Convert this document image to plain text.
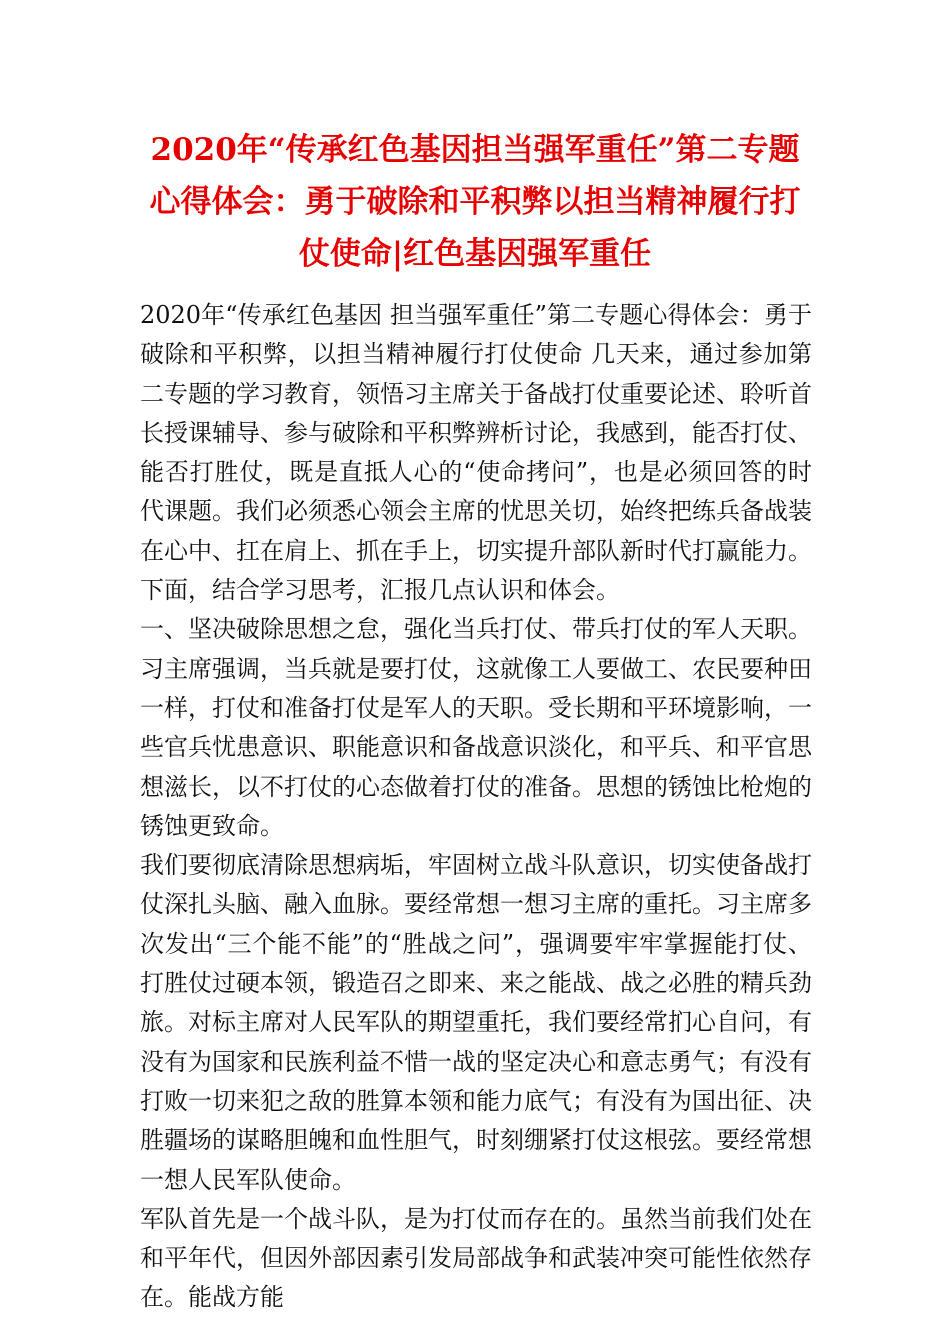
2020年“传承红色基因担当强军重任”第二专题心得体会：勇于破除和平积弊以担当精神履行打仗使命|红色基因强军重任

2020年“传承红色基因 担当强军重任”第二专题心得体会：勇于破除和平积弊，以担当精神履行打仗使命 几天来，通过参加第二专题的学习教育，领悟习主席关于备战打仗重要论述、聆听首长授课辅导、参与破除和平积弊辨析讨论，我感到，能否打仗、能否打胜仗，既是直抵人心的“使命拷问”，也是必须回答的时代课题。我们必须悉心领会主席的忧思关切，始终把练兵备战装在心中、扛在肩上、抓在手上，切实提升部队新时代打赢能力。下面，结合学习思考，汇报几点认识和体会。

一、坚决破除思想之怠，强化当兵打仗、带兵打仗的军人天职。习主席强调，当兵就是要打仗，这就像工人要做工、农民要种田一样，打仗和准备打仗是军人的天职。受长期和平环境影响，一些官兵忧患意识、职能意识和备战意识淡化，和平兵、和平官思想滋长，以不打仗的心态做着打仗的准备。思想的锈蚀比枪炮的锈蚀更致命。

我们要彻底清除思想病垢，牢固树立战斗队意识，切实使备战打仗深扎头脑、融入血脉。要经常想一想习主席的重托。习主席多次发出“三个能不能”的“胜战之问”，强调要牢牢掌握能打仗、打胜仗过硬本领，锻造召之即来、来之能战、战之必胜的精兵劲旅。对标主席对人民军队的期望重托，我们要经常扪心自问，有没有为国家和民族利益不惜一战的坚定决心和意志勇气；有没有打败一切来犯之敌的胜算本领和能力底气；有没有为国出征、决胜疆场的谋略胆魄和血性胆气，时刻绷紧打仗这根弦。要经常想一想人民军队使命。

军队首先是一个战斗队，是为打仗而存在的。虽然当前我们处在和平年代，但因外部因素引发局部战争和武装冲突可能性依然存在。能战方能
